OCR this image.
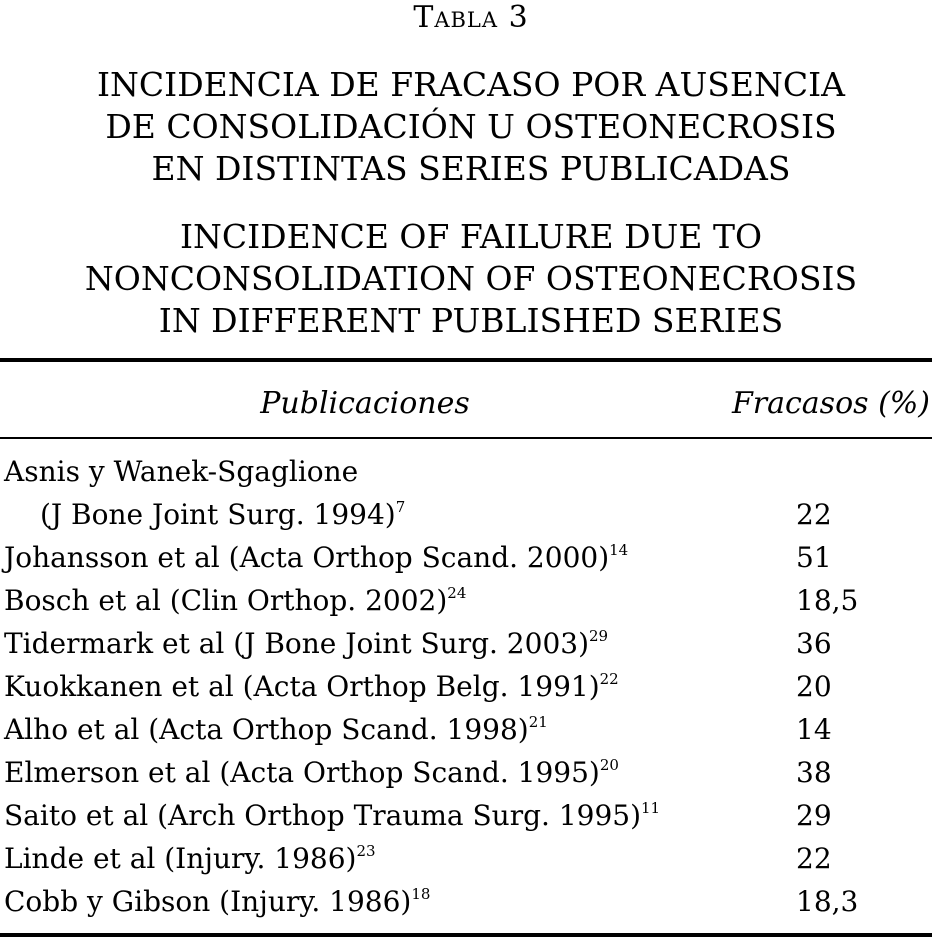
Tabla 3
INCIDENCIA DE FRACASO POR AUSENCIA
DE CONSOLIDACIÓN U OSTEONECROSIS
EN DISTINTAS SERIES PUBLICADAS
INCIDENCE OF FAILURE DUE TO
NONCONSOLIDATION OF OSTEONECROSIS
IN DIFFERENT PUBLISHED SERIES
Publicaciones	Fracasos (%)
Asnis y Wanek-Sgaglione
(J Bone Joint Surg. 1994)$^7$	22
Johansson et al (Acta Orthop Scand. 2000)$^{14}$	51
Bosch et al (Clin Orthop. 2002)$^{24}$	18,5
Tidermark et al (J Bone Joint Surg. 2003)$^{29}$	36
Kuokkanen et al (Acta Orthop Belg. 1991)$^{22}$	20
Alho et al (Acta Orthop Scand. 1998)$^{21}$	14
Elmerson et al (Acta Orthop Scand. 1995)$^{20}$	38
Saito et al (Arch Orthop Trauma Surg. 1995)$^{11}$	29
Linde et al (Injury. 1986)$^{23}$	22
Cobb y Gibson (Injury. 1986)$^{18}$	18,3
